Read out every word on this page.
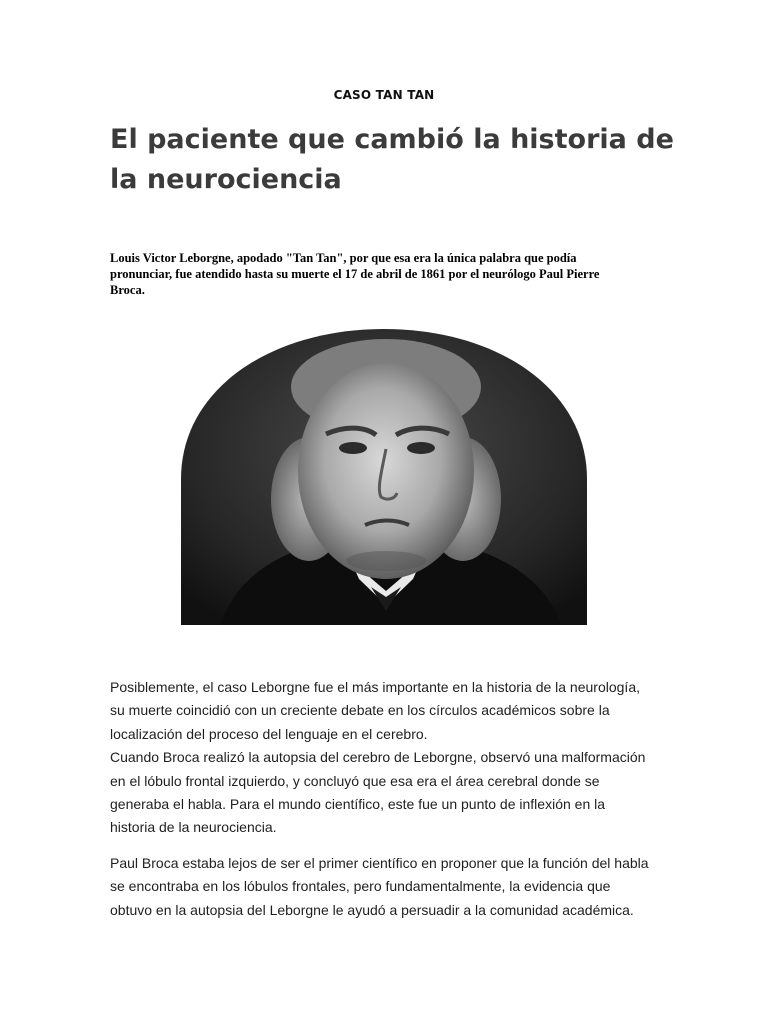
CASO TAN TAN
El paciente que cambió la historia de
la neurociencia

Louis Victor Leborgne, apodado "Tan Tan", por que esa era la única palabra que podía
pronunciar, fue atendido hasta su muerte el 17 de abril de 1861 por el neurólogo Paul Pierre
Broca.

Paul Broca

Posiblemente, el caso Leborgne fue el más importante en la historia de la neurología,
su muerte coincidió con un creciente debate en los círculos académicos sobre la
localización del proceso del lenguaje en el cerebro.
Cuando Broca realizó la autopsia del cerebro de Leborgne, observó una malformación
en el lóbulo frontal izquierdo, y concluyó que esa era el área cerebral donde se
generaba el habla. Para el mundo científico, este fue un punto de inflexión en la
historia de la neurociencia.

Paul Broca estaba lejos de ser el primer científico en proponer que la función del habla
se encontraba en los lóbulos frontales, pero fundamentalmente, la evidencia que
obtuvo en la autopsia del Leborgne le ayudó a persuadir a la comunidad académica.
